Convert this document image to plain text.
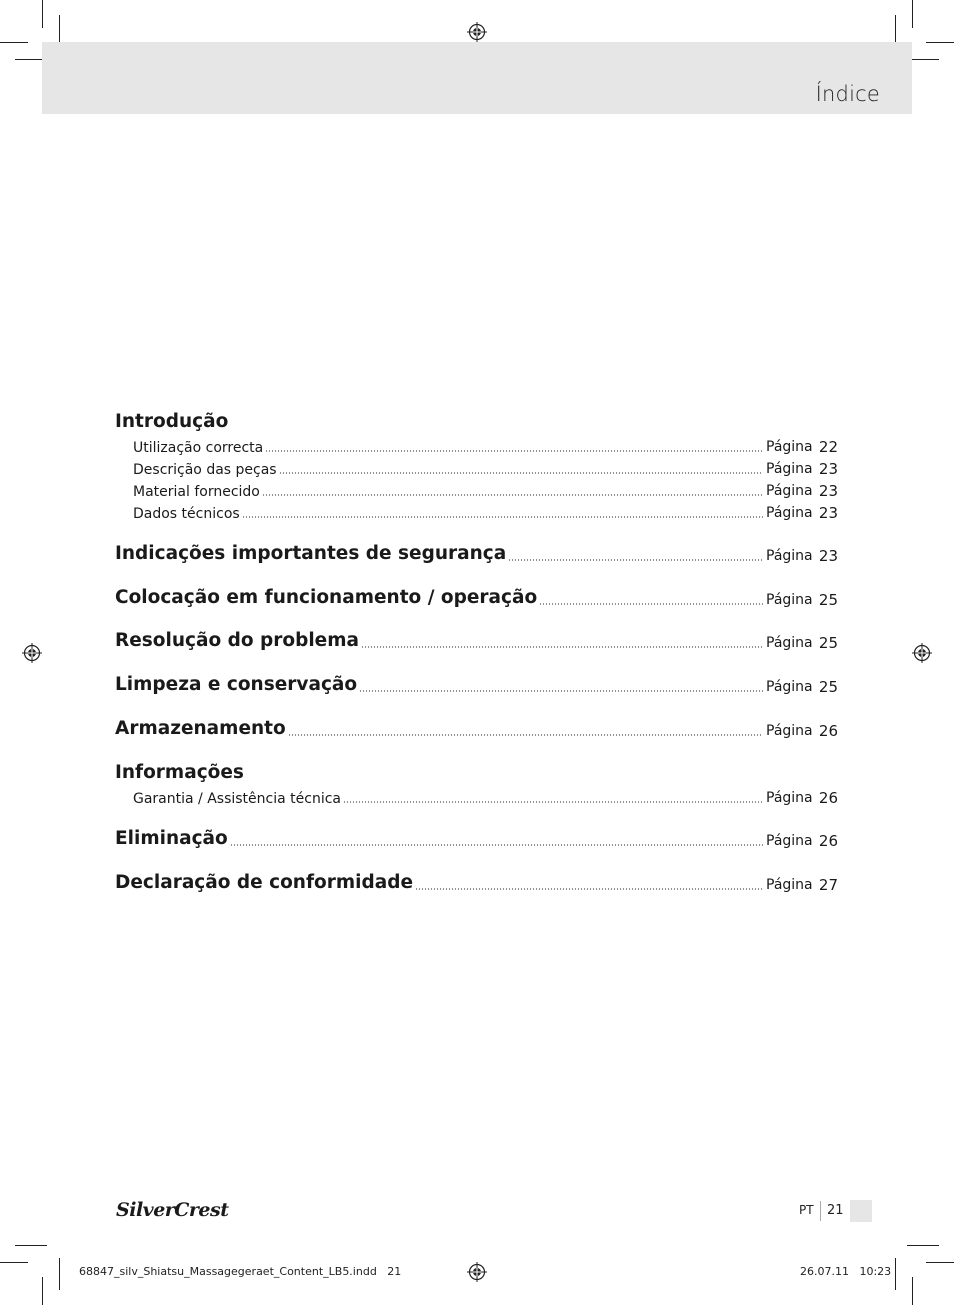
Índice
Introdução
Utilização correcta	Página 22
Descrição das peças	Página 23
Material fornecido	Página 23
Dados técnicos	Página 23
Indicações importantes de segurança	Página 23
Colocação em funcionamento / operação	Página 25
Resolução do problema	Página 25
Limpeza e conservação	Página 25
Armazenamento	Página 26
Informações
Garantia / Assistência técnica	Página 26
Eliminação	Página 26
Declaração de conformidade	Página 27
SilverCrest	PT 21
68847_silv_Shiatsu_Massagegeraet_Content_LB5.indd   21	26.07.11   10:23
